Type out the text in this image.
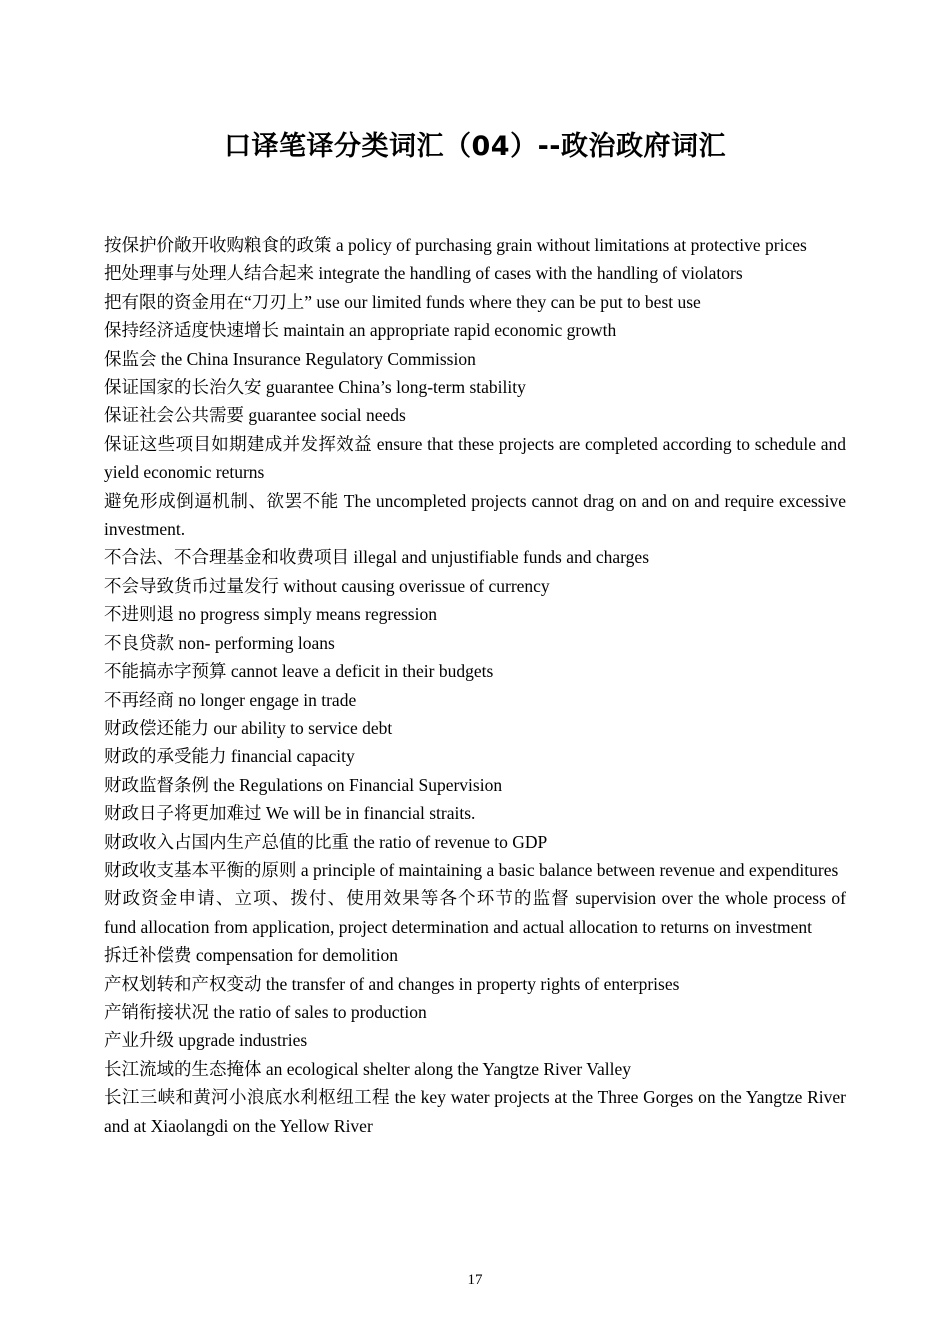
口译笔译分类词汇（04）--政治政府词汇
按保护价敞开收购粮食的政策 a policy of purchasing grain without limitations at protective prices
把处理事与处理人结合起来 integrate the handling of cases with the handling of violators
把有限的资金用在“刀刃上” use our limited funds where they can be put to best use
保持经济适度快速增长 maintain an appropriate rapid economic growth
保监会 the China Insurance Regulatory Commission
保证国家的长治久安 guarantee China’s long-term stability
保证社会公共需要 guarantee social needs
保证这些项目如期建成并发挥效益 ensure that these projects are completed according to schedule and yield economic returns
避免形成倒逼机制、欲罢不能 The uncompleted projects cannot drag on and on and require excessive investment.
不合法、不合理基金和收费项目 illegal and unjustifiable funds and charges
不会导致货币过量发行 without causing overissue of currency
不进则退 no progress simply means regression
不良贷款 non- performing loans
不能搞赤字预算 cannot leave a deficit in their budgets
不再经商 no longer engage in trade
财政偿还能力 our ability to service debt
财政的承受能力 financial capacity
财政监督条例 the Regulations on Financial Supervision
财政日子将更加难过 We will be in financial straits.
财政收入占国内生产总值的比重 the ratio of revenue to GDP
财政收支基本平衡的原则 a principle of maintaining a basic balance between revenue and expenditures
财政资金申请、立项、拨付、使用效果等各个环节的监督 supervision over the whole process of fund allocation from application, project determination and actual allocation to returns on investment
拆迁补偿费 compensation for demolition
产权划转和产权变动 the transfer of and changes in property rights of enterprises
产销衔接状况 the ratio of sales to production
产业升级 upgrade industries
长江流域的生态掩体 an ecological shelter along the Yangtze River Valley
长江三峡和黄河小浪底水利枢纽工程 the key water projects at the Three Gorges on the Yangtze River and at Xiaolangdi on the Yellow River
17
